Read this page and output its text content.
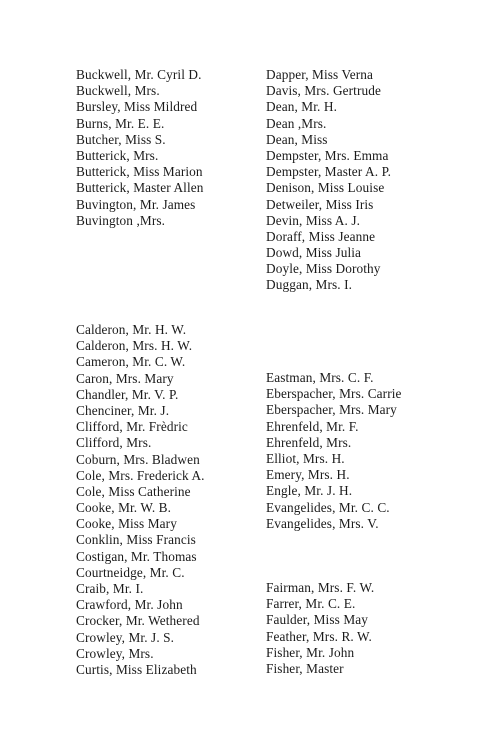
Buckwell, Mr. Cyril D.
Buckwell, Mrs.
Bursley, Miss Mildred
Burns, Mr. E. E.
Butcher, Miss S.
Butterick, Mrs.
Butterick, Miss Marion
Butterick, Master Allen
Buvington, Mr. James
Buvington ,Mrs.
Calderon, Mr. H. W.
Calderon, Mrs. H. W.
Cameron, Mr. C. W.
Caron, Mrs. Mary
Chandler, Mr. V. P.
Chenciner, Mr. J.
Clifford, Mr. Frèdric
Clifford, Mrs.
Coburn, Mrs. Bladwen
Cole, Mrs. Frederick A.
Cole, Miss Catherine
Cooke, Mr. W. B.
Cooke, Miss Mary
Conklin, Miss Francis
Costigan, Mr. Thomas
Courtneidge, Mr. C.
Craib, Mr. I.
Crawford, Mr. John
Crocker, Mr. Wethered
Crowley, Mr. J. S.
Crowley, Mrs.
Curtis, Miss Elizabeth
Dapper, Miss Verna
Davis, Mrs. Gertrude
Dean, Mr. H.
Dean ,Mrs.
Dean, Miss
Dempster, Mrs. Emma
Dempster, Master A. P.
Denison, Miss Louise
Detweiler, Miss Iris
Devin, Miss A. J.
Doraff, Miss Jeanne
Dowd, Miss Julia
Doyle, Miss Dorothy
Duggan, Mrs. I.
Eastman, Mrs. C. F.
Eberspacher, Mrs. Carrie
Eberspacher, Mrs. Mary
Ehrenfeld, Mr. F.
Ehrenfeld, Mrs.
Elliot, Mrs. H.
Emery, Mrs. H.
Engle, Mr. J. H.
Evangelides, Mr. C. C.
Evangelides, Mrs. V.
Fairman, Mrs. F. W.
Farrer, Mr. C. E.
Faulder, Miss May
Feather, Mrs. R. W.
Fisher, Mr. John
Fisher, Master
